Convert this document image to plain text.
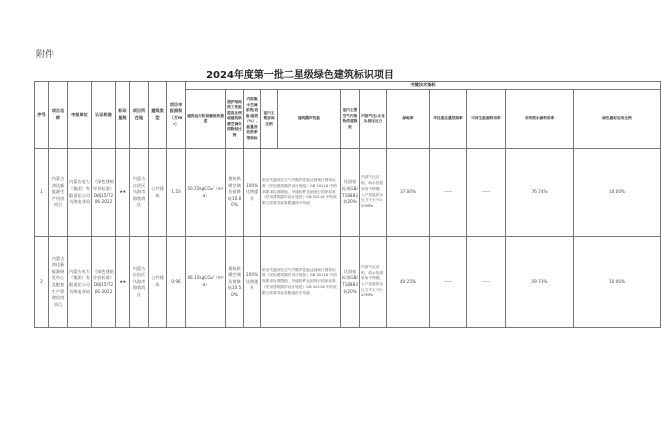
附件
2024年度第一批二星级绿色建筑标识项目
序号	项目名称	申报单位	认证标准	标识星级	项目所在地	建筑类型	项目申报面积（万m²）	关键技术指标											
								建筑运行阶段碳排放强度	围护结构热工性能提高比例或建筑供暖空调负荷降低比例	内部集中空调系统/设备/能效（%）、能量回收效率等指标	室内主要房间比例	建筑隔声性能	室内主要空气污染物浓度降低	内部气压/水龙头供压压力	绿地率	年径流总量控制率	可再生能源利用率	非传统水源利用率	绿色建材应用比例
1	内蒙古鸿达新能源生产用房项目	内蒙古电力（集团）有限责任公司乌海电业局	《绿色建筑评价标准》DBJ15/T206-2022	★★	内蒙古自治区乌海市海勃湾区	公共建筑	1.53	50.25kgCO₂/（m²·a）	建筑供暖空调负荷降低10.00%	100%比例提升	卧室关键部位空气声隔声性能达到现行国家标准《民用建筑隔声设计规范》GB 50118 中的高要求标准限值，外墙构件达到现行国家标准《民用建筑隔声设计规范》GB 50118 中的低限与高要求标准限值的平均值		比国家标准GB/T18883低20%	内部气压各相，给水管道采用不锈钢，入户管道供水压力不大于0.20MPa	37.00%	——	——	76.74%	10.00%
2	内蒙古鸿达新能源研发中心及配套生产管理用房项目	内蒙古电力（集团）有限责任公司乌海电业局	《绿色建筑评价标准》DBJ15/T206-2022	★★	内蒙古自治区乌海市海勃湾区	公共建筑	0.96	46.15kgCO₂/（m²·a）	建筑供暖空调负荷降低10.50%	100%比例提升	卧室关键部位空气声隔声性能达到现行国家标准《民用建筑隔声设计规范》GB 50118 中的高要求标准限值，外墙构件达到现行国家标准《民用建筑隔声设计规范》GB 50118 中的低限与高要求标准限值的平均值		比国家标准GB/T18883低20%	内部气压各相，给水管道采用不锈钢，入户管道供水压力不大于0.20MPa	40.25%	——	——	59.73%	10.00%
